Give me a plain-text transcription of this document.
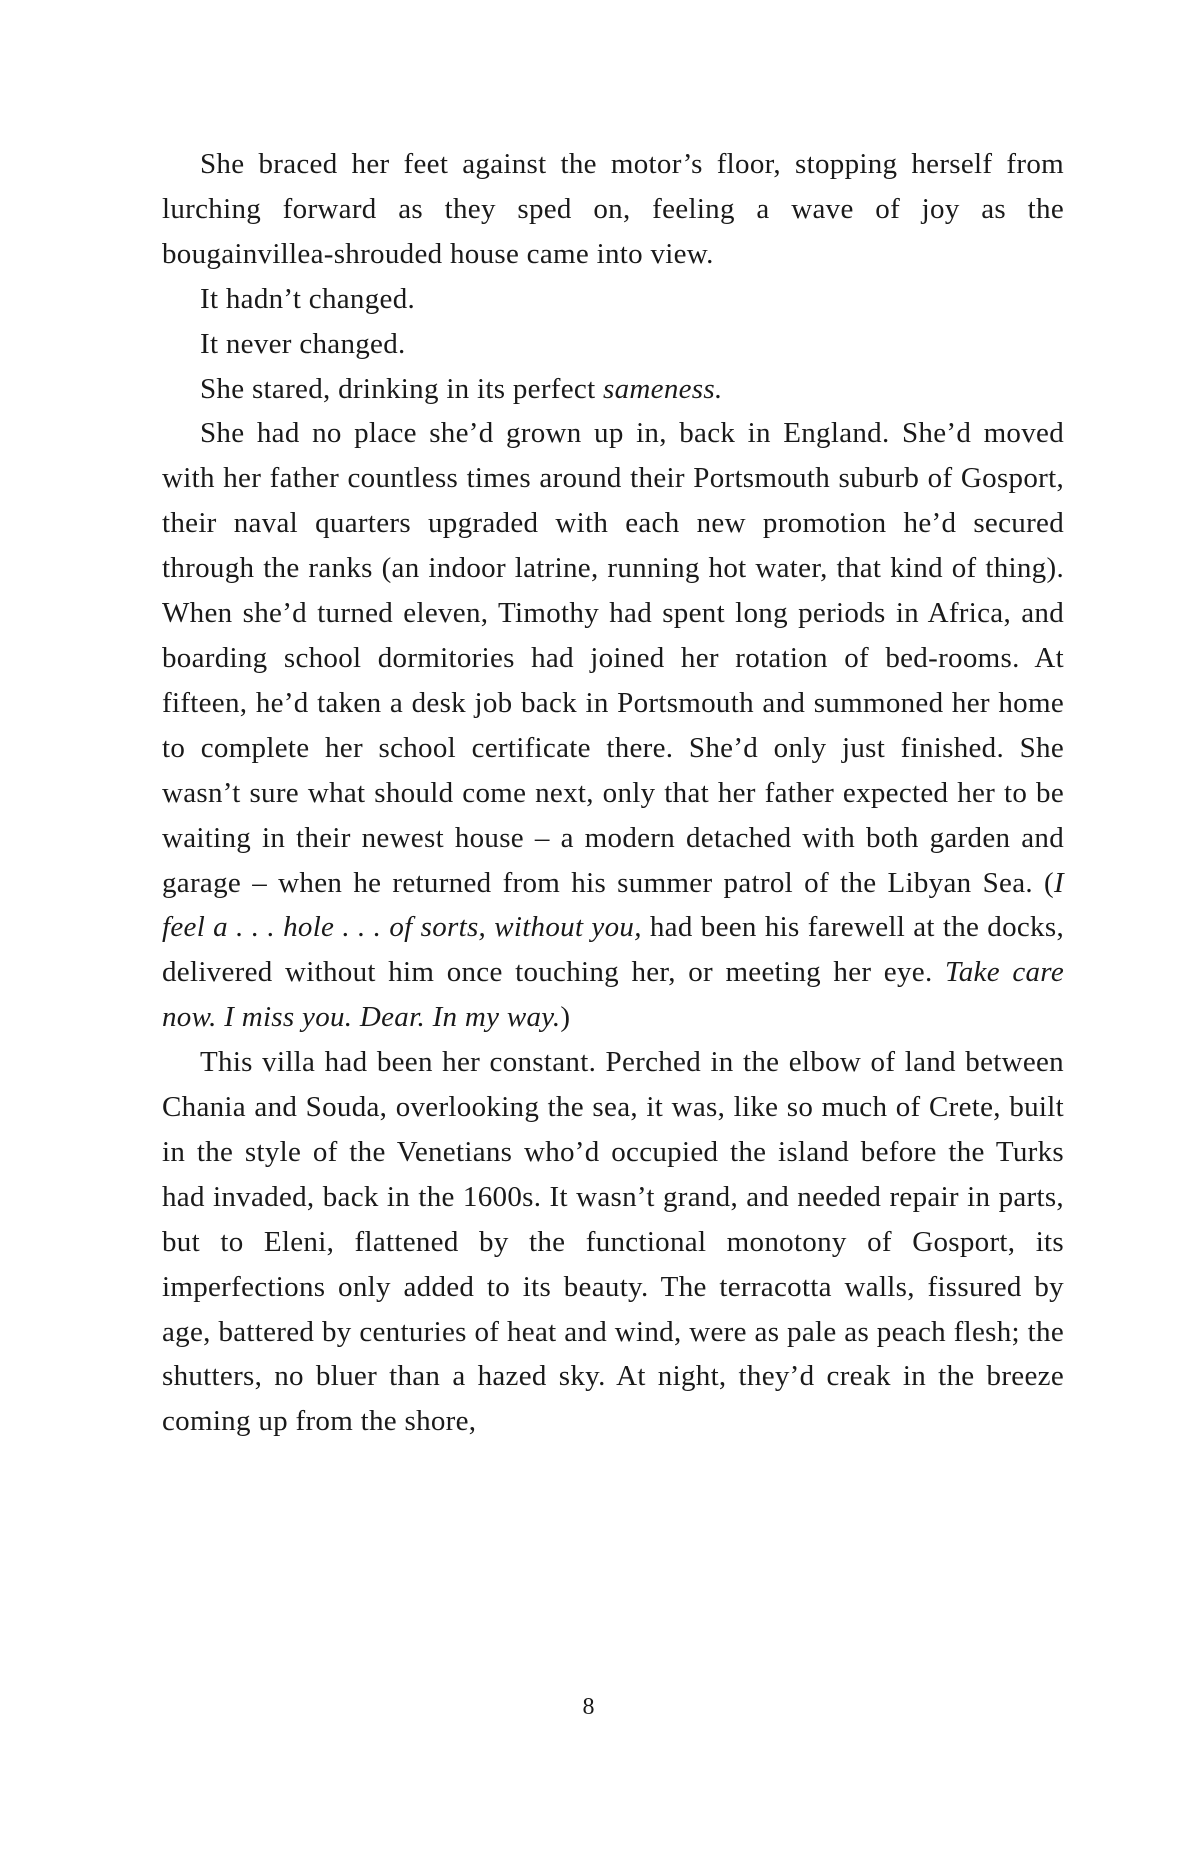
She braced her feet against the motor’s floor, stopping herself from lurching forward as they sped on, feeling a wave of joy as the bougainvillea-shrouded house came into view.

It hadn’t changed.

It never changed.

She stared, drinking in its perfect sameness.

She had no place she’d grown up in, back in England. She’d moved with her father countless times around their Portsmouth suburb of Gosport, their naval quarters upgraded with each new promotion he’d secured through the ranks (an indoor latrine, running hot water, that kind of thing). When she’d turned eleven, Timothy had spent long periods in Africa, and boarding school dormitories had joined her rotation of bed-rooms. At fifteen, he’d taken a desk job back in Portsmouth and summoned her home to complete her school certificate there. She’d only just finished. She wasn’t sure what should come next, only that her father expected her to be waiting in their newest house – a modern detached with both garden and garage – when he returned from his summer patrol of the Libyan Sea. (I feel a . . . hole . . . of sorts, without you, had been his farewell at the docks, delivered without him once touching her, or meeting her eye. Take care now. I miss you. Dear. In my way.)

This villa had been her constant. Perched in the elbow of land between Chania and Souda, overlooking the sea, it was, like so much of Crete, built in the style of the Venetians who’d occupied the island before the Turks had invaded, back in the 1600s. It wasn’t grand, and needed repair in parts, but to Eleni, flattened by the functional monotony of Gosport, its imperfections only added to its beauty. The terracotta walls, fissured by age, battered by centuries of heat and wind, were as pale as peach flesh; the shutters, no bluer than a hazed sky. At night, they’d creak in the breeze coming up from the shore,

8
